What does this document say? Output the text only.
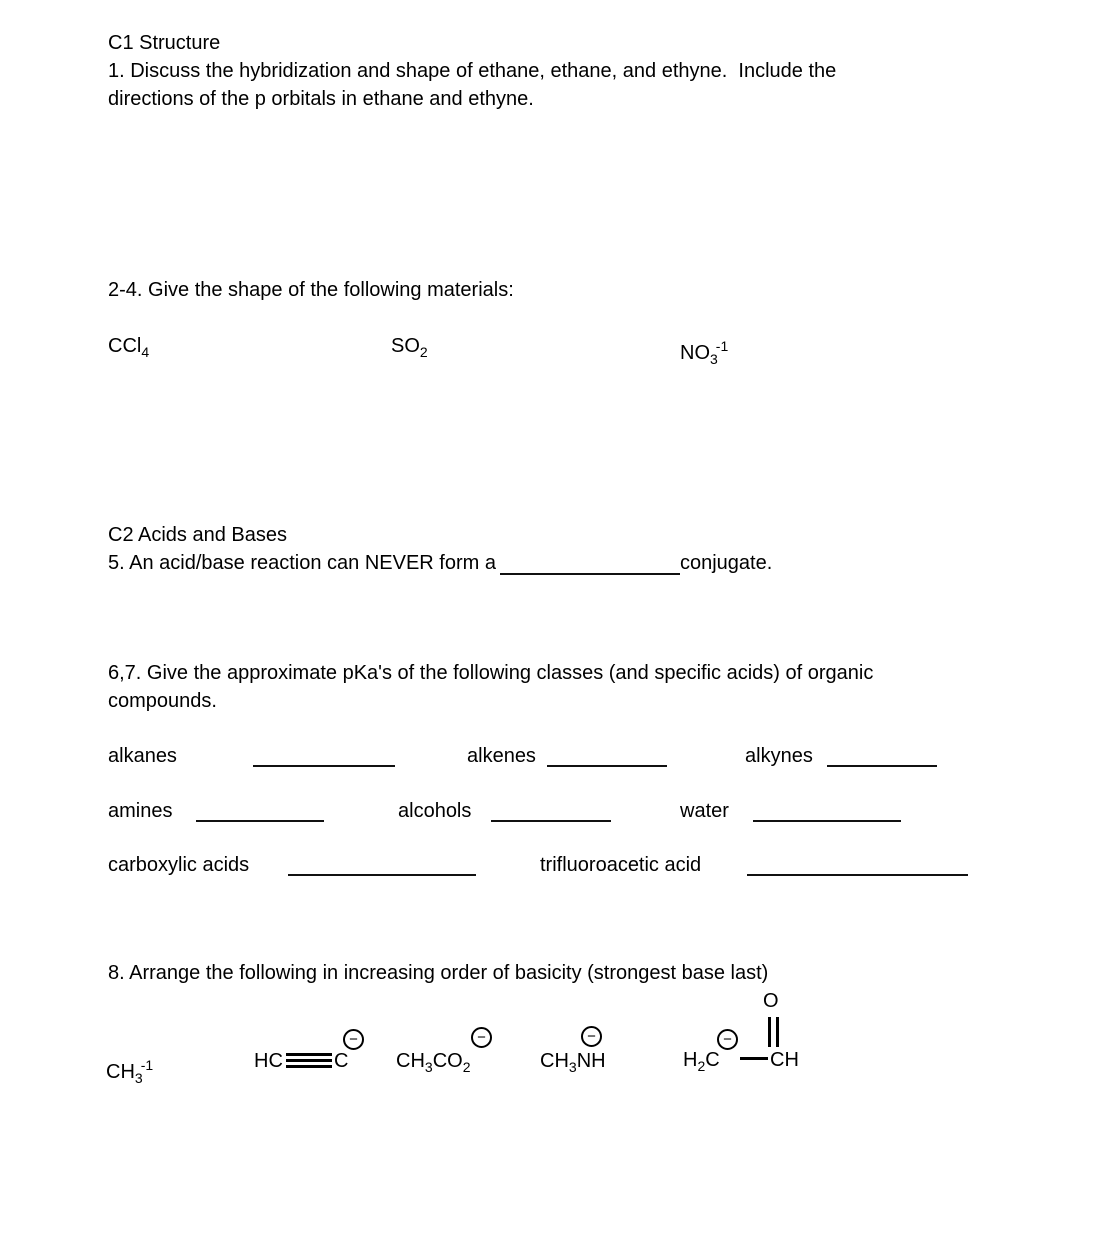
C1 Structure
1. Discuss the hybridization and shape of ethane, ethane, and ethyne.  Include the
directions of the p orbitals in ethane and ethyne.
2-4. Give the shape of the following materials:
CCl$_4$	$SO_2$	$NO_3^{-1}$
C2 Acids and Bases
5. An acid/base reaction can NEVER form a	conjugate.
6,7. Give the approximate pKa's of the following classes (and specific acids) of organic
compounds.
alkanes	alkenes	alkynes
amines	alcohols	water
carboxylic acids	trifluoroacetic acid
8. Arrange the following in increasing order of basicity (strongest base last)
$CH_3^{-1}$	HC	C
−
$CH_3CO_2$
−
$CH_3NH$
−
O
−
$H_2C$	CH
